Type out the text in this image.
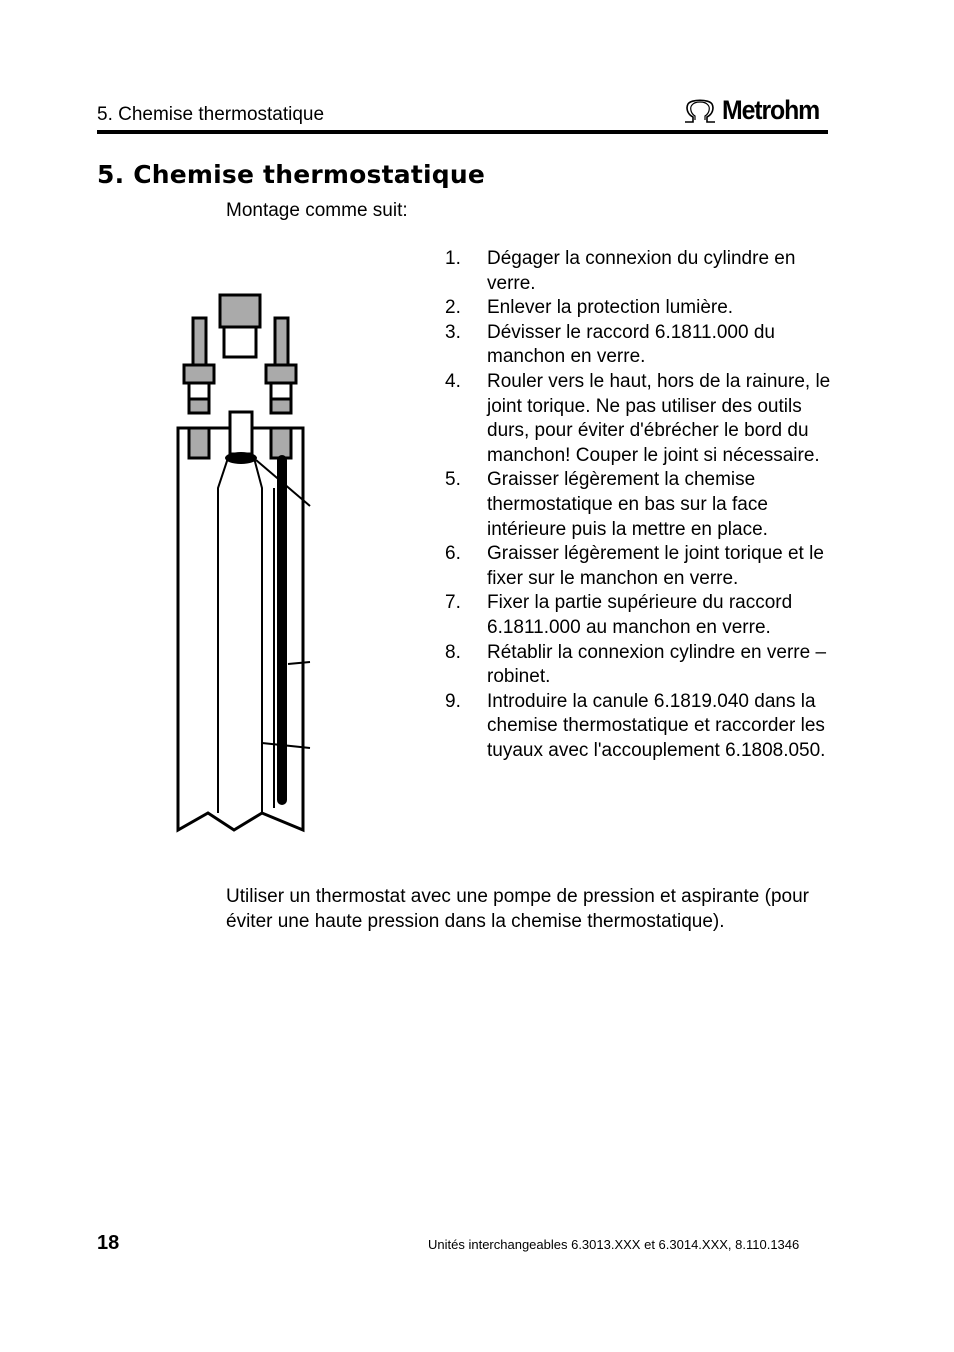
5. Chemise thermostatique	Metrohm
5. Chemise thermostatique
Montage comme suit:
1. Dégager la connexion du cylindre en verre.
2. Enlever la protection lumière.
3. Dévisser le raccord 6.1811.000 du manchon en verre.
4. Rouler vers le haut, hors de la rainure, le joint torique. Ne pas utiliser des outils durs, pour éviter d'ébrécher le bord du manchon! Couper le joint si nécessaire.
5. Graisser légèrement la chemise thermostatique en bas sur la face intérieure puis la mettre en place.
6. Graisser légèrement le joint torique et le fixer sur le manchon en verre.
7. Fixer la partie supérieure du raccord 6.1811.000 au manchon en verre.
8. Rétablir la connexion cylindre en verre – robinet.
9. Introduire la canule 6.1819.040 dans la chemise thermostatique et raccorder les tuyaux avec l'accouplement 6.1808.050.
Utiliser un thermostat avec une pompe de pression et aspirante (pour éviter une haute pression dans la chemise thermostatique).
18	Unités interchangeables 6.3013.XXX et 6.3014.XXX, 8.110.1346
